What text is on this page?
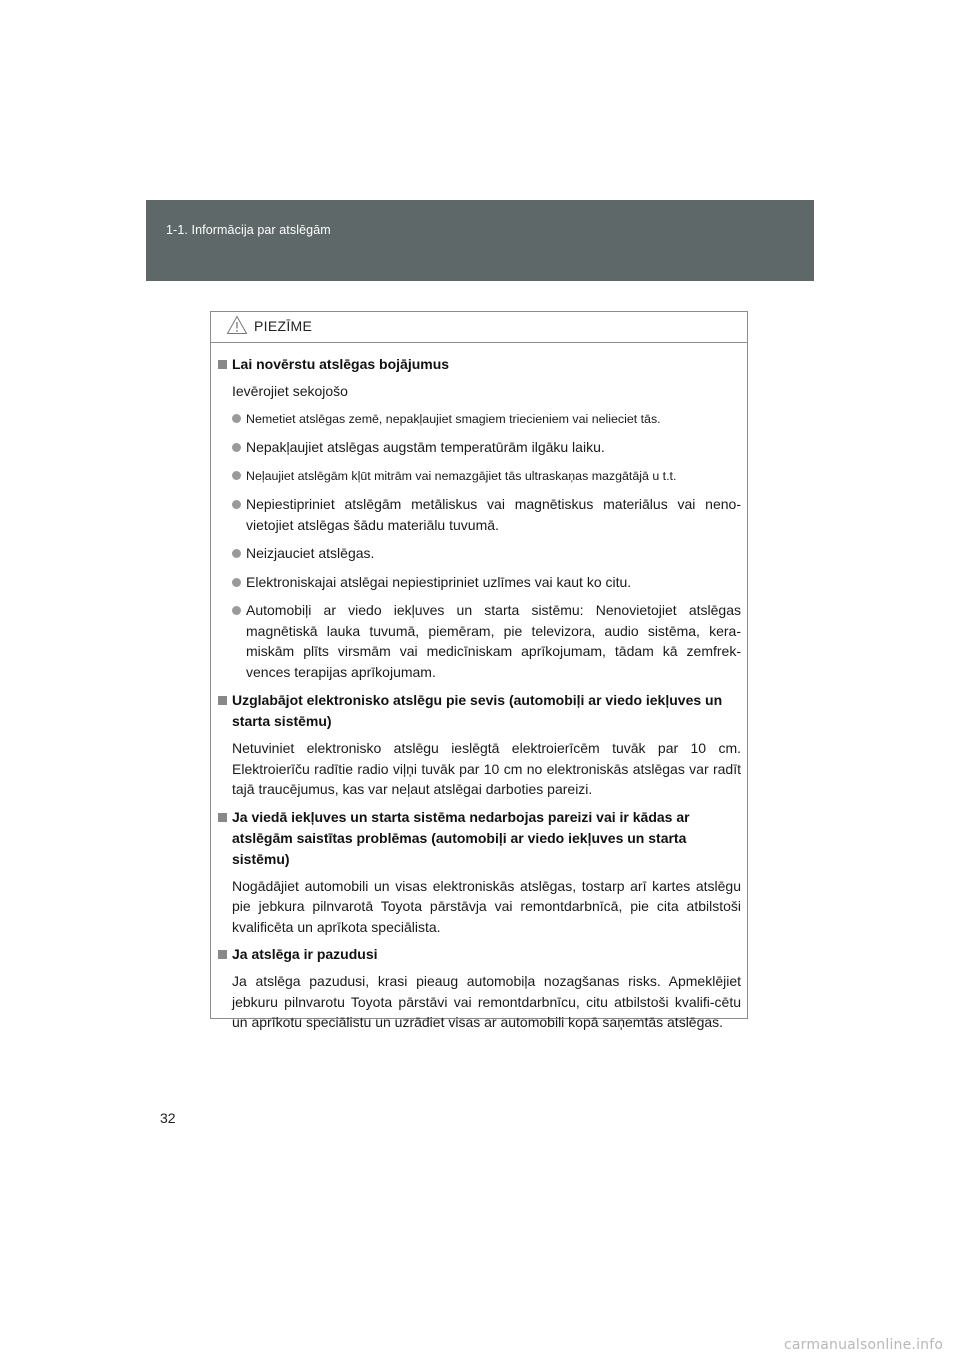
1-1. Informācija par atslēgām
PIEZĪME
Lai novērstu atslēgas bojājumus
Ievērojiet sekojošo
Nemetiet atslēgas zemē, nepakļaujiet smagiem triecieniem vai nelieciet tās.
Nepakļaujiet atslēgas augstām temperatūrām ilgāku laiku.
Neļaujiet atslēgām kļūt mitrām vai nemazgājiet tās ultraskaņas mazgātājā u t.t.
Nepiestipriniet atslēgām metāliskus vai magnētiskus materiālus vai neno-vietojiet atslēgas šādu materiālu tuvumā.
Neizjauciet atslēgas.
Elektroniskajai atslēgai nepiestipriniet uzlīmes vai kaut ko citu.
Automobiļi ar viedo iekļuves un starta sistēmu: Nenovietojiet atslēgas magnētiskā lauka tuvumā, piemēram, pie televizora, audio sistēma, kera-miskām plīts virsmām vai medicīniskam aprīkojumam, tādam kā zemfrek-vences terapijas aprīkojumam.
Uzglabājot elektronisko atslēgu pie sevis (automobiļi ar viedo iekļuves un starta sistēmu)
Netuviniet elektronisko atslēgu ieslēgtā elektroierīcēm tuvāk par 10 cm. Elektroierīču radītie radio viļņi tuvāk par 10 cm no elektroniskās atslēgas var radīt tajā traucējumus, kas var neļaut atslēgai darboties pareizi.
Ja viedā iekļuves un starta sistēma nedarbojas pareizi vai ir kādas ar atslēgām saistītas problēmas (automobiļi ar viedo iekļuves un starta sistēmu)
Nogādājiet automobili un visas elektroniskās atslēgas, tostarp arī kartes atslēgu pie jebkura pilnvarotā Toyota pārstāvja vai remontdarbnīcā, pie cita atbilstoši kvalificēta un aprīkota speciālista.
Ja atslēga ir pazudusi
Ja atslēga pazudusi, krasi pieaug automobiļa nozagšanas risks. Apmeklējiet jebkuru pilnvarotu Toyota pārstāvi vai remontdarbnīcu, citu atbilstoši kvalifi-cētu un aprīkotu speciālistu un uzrādiet visas ar automobili kopā saņemtās atslēgas.
32
carmanualsonline.info
